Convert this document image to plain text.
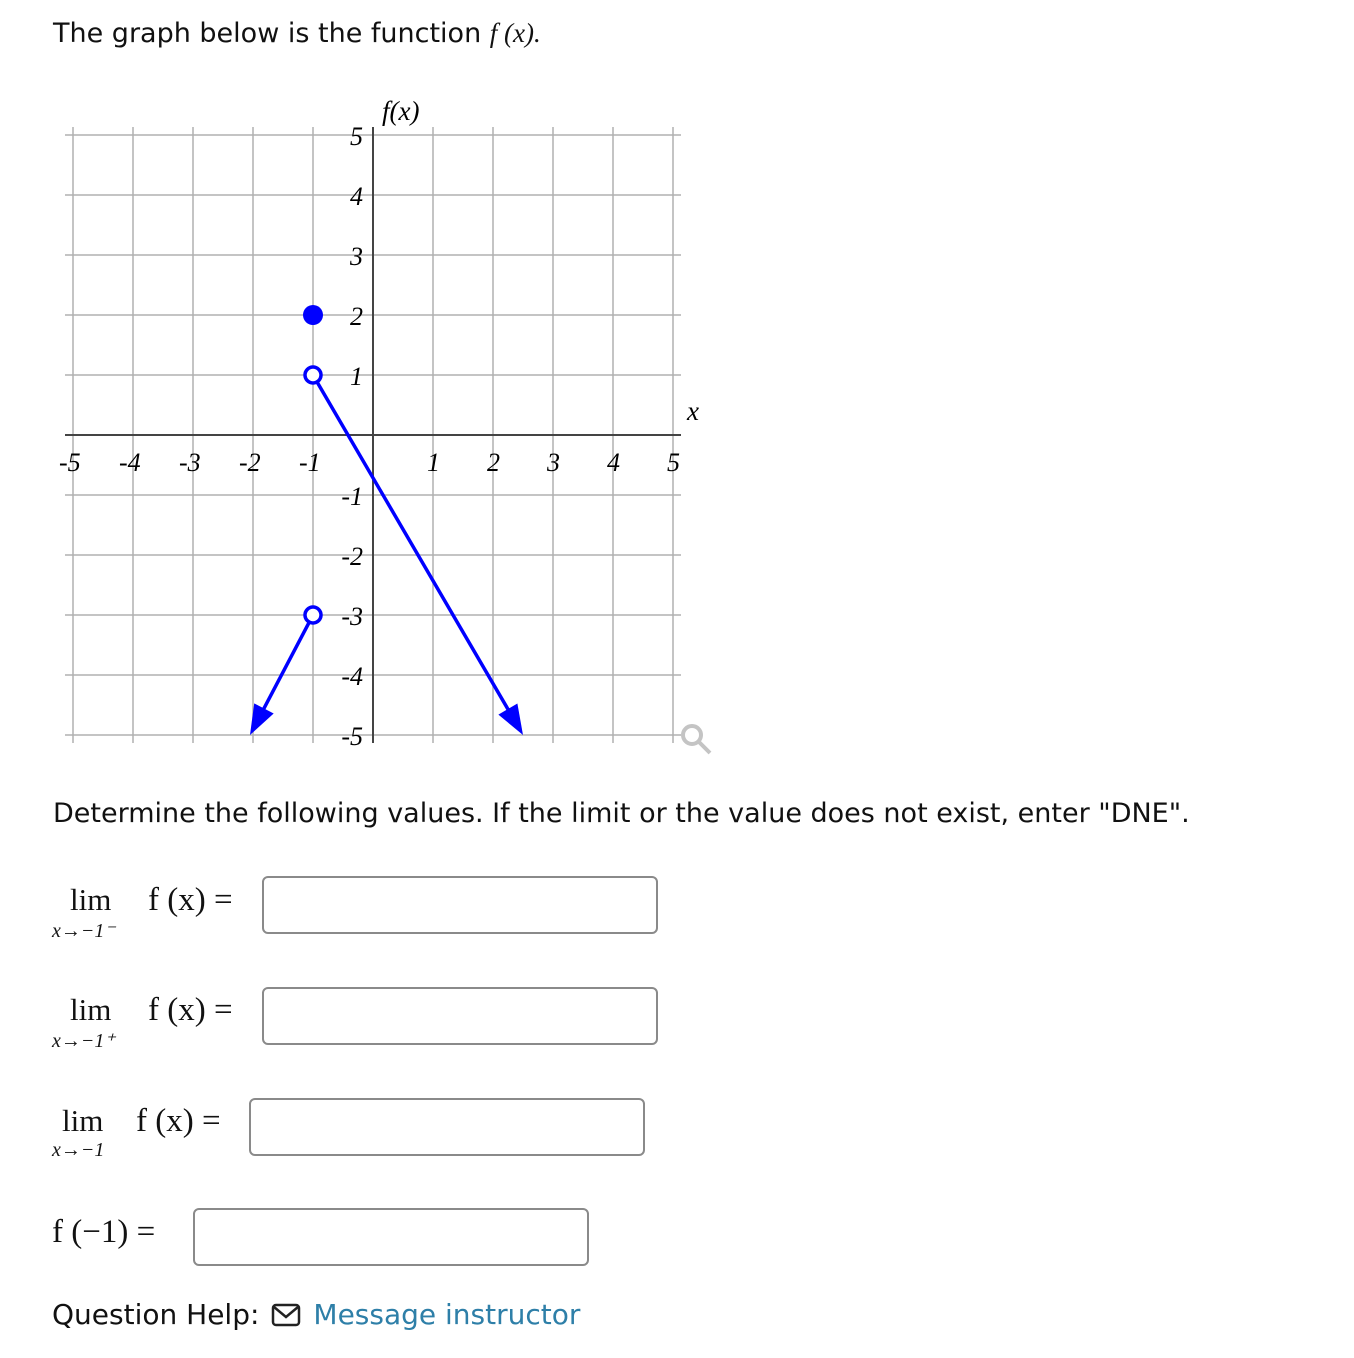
The graph below is the function f (x).
-5 -4 -3 -2 -1	1 2 3 4 5
5
4
3
2
1
-1
-2
-3
-4
-5
f(x)
x
Determine the following values. If the limit or the value does not exist, enter "DNE".
lim
x→−1⁻
f (x) =
lim
x→−1⁺
f (x) =
lim
x→−1
f (x) =
f (−1) =
Question Help: Message instructor
